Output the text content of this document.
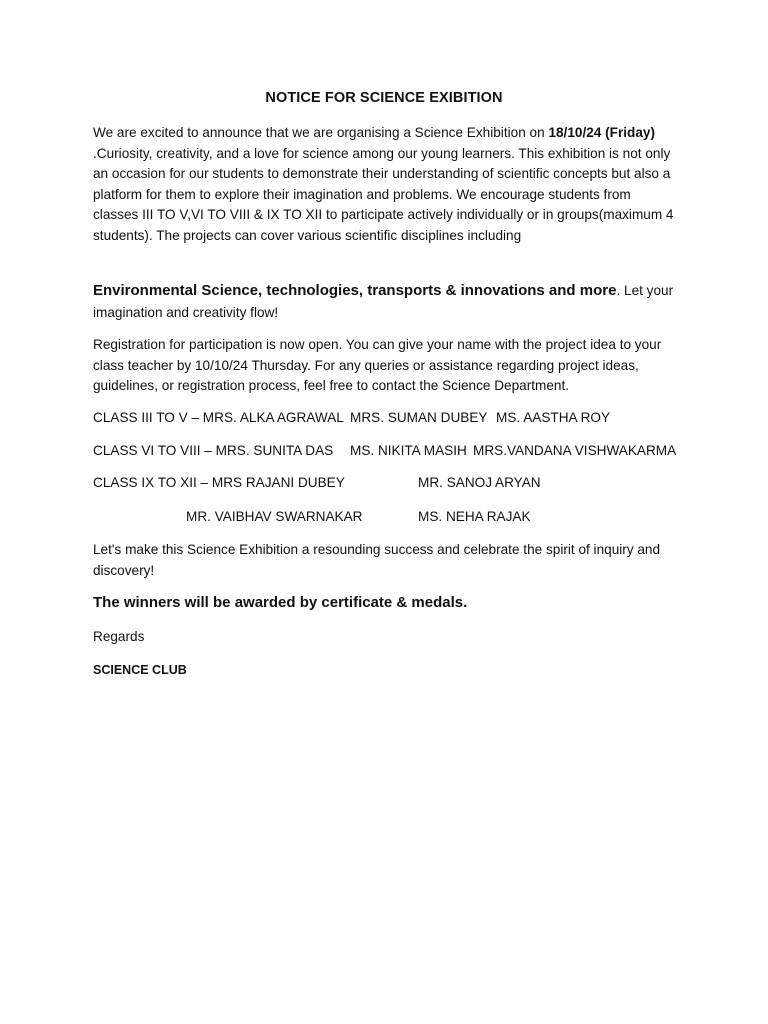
NOTICE FOR SCIENCE EXIBITION
We are excited to announce that we are organising a Science Exhibition on 18/10/24 (Friday) .Curiosity, creativity, and a love for science among our young learners. This exhibition is not only an occasion for our students to demonstrate their understanding of scientific concepts but also a platform for them to explore their imagination and problems. We encourage students from classes III TO V,VI TO VIII & IX TO XII to participate actively individually or in groups(maximum 4 students). The projects can cover various scientific disciplines including
Environmental Science, technologies, transports & innovations and more. Let your imagination and creativity flow!
Registration for participation is now open. You can give your name with the project idea to your class teacher by 10/10/24 Thursday. For any queries or assistance regarding project ideas, guidelines, or registration process, feel free to contact the Science Department.
CLASS III TO V – MRS. ALKA AGRAWAL MRS. SUMAN DUBEY MS. AASTHA ROY
CLASS VI TO VIII – MRS. SUNITA DAS MS. NIKITA MASIH MRS.VANDANA VISHWAKARMA
CLASS IX TO XII – MRS RAJANI DUBEY	MR. SANOJ ARYAN
MR. VAIBHAV SWARNAKAR	MS. NEHA RAJAK
Let's make this Science Exhibition a resounding success and celebrate the spirit of inquiry and discovery!
The winners will be awarded by certificate & medals.
Regards
SCIENCE CLUB
